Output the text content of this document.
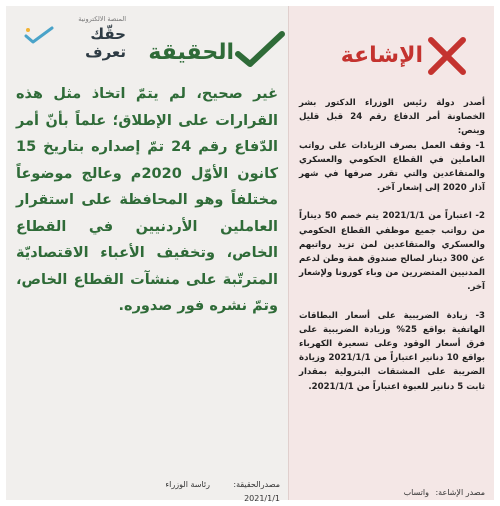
المنصة الالكترونية
حقّك تعرف الحقيقة
غير صحيح، لم يتمّ اتخاذ مثل هذه القرارات على الإطلاق؛ علماً بأنّ أمر الدّفاع رقم 24 تمّ إصداره بتاريخ 15 كانون الأوّل 2020م وعالج موضوعاً مختلفاً وهو المحافظة على استقرار العاملين الأردنيين في القطاع الخاص، وتخفيف الأعباء الاقتصاديّة المترتّبة على منشآت القطاع الخاص، وتمّ نشره فور صدوره.
مصدرالحقيقة:
رئاسة الوزراء
2021/1/1
الإشاعة

أصدر دولة رئيس الوزراء الدكتور بشر الخصاونة أمر الدفاع رقم 24 قبل قليل وينص:

1- وقف العمل بصرف الزيادات على رواتب العاملين في القطاع الحكومي والعسكري والمتقاعدين والتي تقرر صرفها في شهر آذار 2020 إلى إشعار آخر.

2- اعتباراً من 2021/1/1 يتم خصم 50 ديناراً من رواتب جميع موظفي القطاع الحكومي والعسكري والمتقاعدين لمن تزيد رواتبهم عن 300 دينار لصالح صندوق همة وطن لدعم المدنيين المتضررين من وباء كورونا ولإشعار آخر.

3- زيادة الضريبية على أسعار البطاقات الهاتفية بواقع 25% وزيادة الضريبية على فرق أسعار الوقود وعلى تسعيرة الكهرباء بواقع 10 دنانير اعتباراً من 2021/1/1 وزيادة الضريبة على المشتقات البترولية بمقدار ثابت 5 دنانير للعبوة اعتباراً من 2021/1/1.

مصدر الإشاعة:
واتساب
